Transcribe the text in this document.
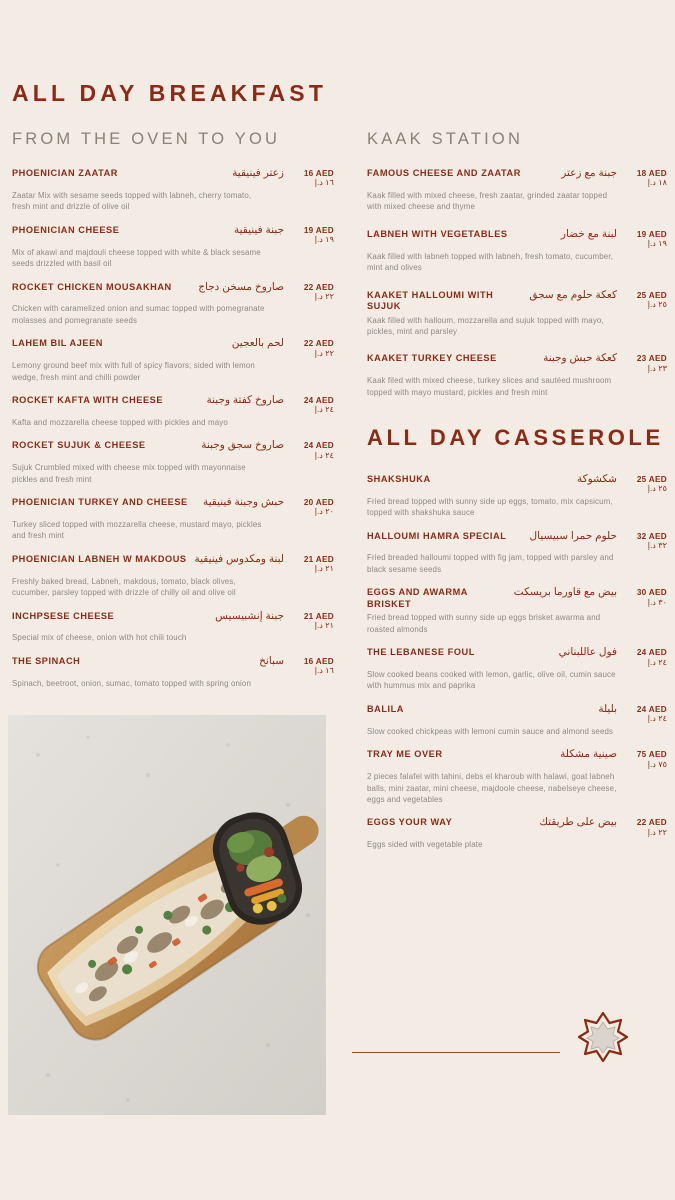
ALL DAY BREAKFAST
FROM THE OVEN TO YOU
PHOENICIAN ZAATAR	زعتر فينيقية	16 AED
١٦ د.إ
Zaatar Mix with sesame seeds topped with labneh, cherry tomato, fresh mint and drizzle of olive oil
PHOENICIAN CHEESE	جبنة فينيقية	19 AED
١٩ د.إ
Mix of akawi and majdouli cheese topped with white & black sesame seeds drizzled with basil oil
ROCKET CHICKEN MOUSAKHAN	صاروخ مسخن دجاج	22 AED
٢٢ د.إ
Chicken with caramelized onion and sumac topped with pomegranate molasses and pomegranate seeds
LAHEM BIL AJEEN	لحم بالعجين	22 AED
٢٢ د.إ
Lemony ground beef mix with full of spicy flavors; sided with lemon wedge, fresh mint and chilli powder
ROCKET KAFTA WITH CHEESE	صاروخ كفتة وجبنة	24 AED
٢٤ د.إ
Kafta and mozzarella cheese topped with pickles and mayo
ROCKET SUJUK & CHEESE	صاروخ سجق وجبنة	24 AED
٢٤ د.إ
Sujuk Crumbled mixed with cheese mix topped with mayonnaise pickles and fresh mint
PHOENICIAN TURKEY AND CHEESE	حبش وجبنة فينيقية	20 AED
٢٠ د.إ
Turkey sliced topped with mozzarella cheese, mustard mayo, pickles and fresh mint
PHOENICIAN LABNEH W MAKDOUS لبنة ومكدوس فينيقية	21 AED
٢١ د.إ
Freshly baked bread, Labneh, makdous, tomato, black olives, cucumber, parsley topped with drizzle of chilly oil and olive oil
INCHPSESE CHEESE	جبنة إنشبيسيس	21 AED
٢١ د.إ
Special mix of cheese, onion with hot chili touch
THE SPINACH	سبانخ	16 AED
١٦ د.إ
Spinach, beetroot, onion, sumac, tomato topped with spring onion
KAAK STATION
FAMOUS CHEESE AND ZAATAR	جبنة مع زعتر	18 AED
١٨ د.إ
Kaak filled with mixed cheese, fresh zaatar, grinded zaatar topped with mixed cheese and thyme
LABNEH WITH VEGETABLES	لبنة مع خضار	19 AED
١٩ د.إ
Kaak filled with labneh topped with labneh, fresh tomato, cucumber, mint and olives
KAAKET HALLOUMI WITH SUJUK
كعكة حلوم مع سجق	25 AED
٢٥ د.إ
Kaak filled with halloum, mozzarella and sujuk topped with mayo, pickles, mint and parsley
KAAKET TURKEY CHEESE	كعكة حبش وجبنة	23 AED
٢٣ د.إ
Kaak filed with mixed cheese, turkey slices and sautéed mushroom topped with mayo mustard, pickles and fresh mint
ALL DAY CASSEROLE
SHAKSHUKA	شكشوكة	25 AED
٢٥ د.إ
Fried bread topped with sunny side up eggs, tomato, mix capsicum, topped with shakshuka sauce
HALLOUMI HAMRA SPECIAL	حلوم حمرا سبيسيال	32 AED
٣٢ د.إ
Fried breaded halloumi topped with fig jam, topped with parsley and black sesame seeds
EGGS AND AWARMA BRISKET
بيض مع قاورما بريسكت	30 AED
٣٠ د.إ
Fried bread topped with sunny side up eggs brisket awarma and roasted almonds
THE LEBANESE FOUL	فول عاللبناني	24 AED
٢٤ د.إ
Slow cooked beans cooked with lemon, garlic, olive oil, cumin sauce with hummus mix and paprika
BALILA	بليلة	24 AED
٢٤ د.إ
Slow cooked chickpeas with lemoni cumin sauce and almond seeds
TRAY ME OVER	صينية مشكلة	75 AED
٧٥ د.إ
2 pieces falafel with tahini, debs el kharoub with halawi, goat labneh balls, mini zaatar, mini cheese, majdoole cheese, nabelseye cheese, eggs and vegetables
EGGS YOUR WAY	بيض على طريقتك	22 AED
٢٢ د.إ
Eggs sided with vegetable plate
